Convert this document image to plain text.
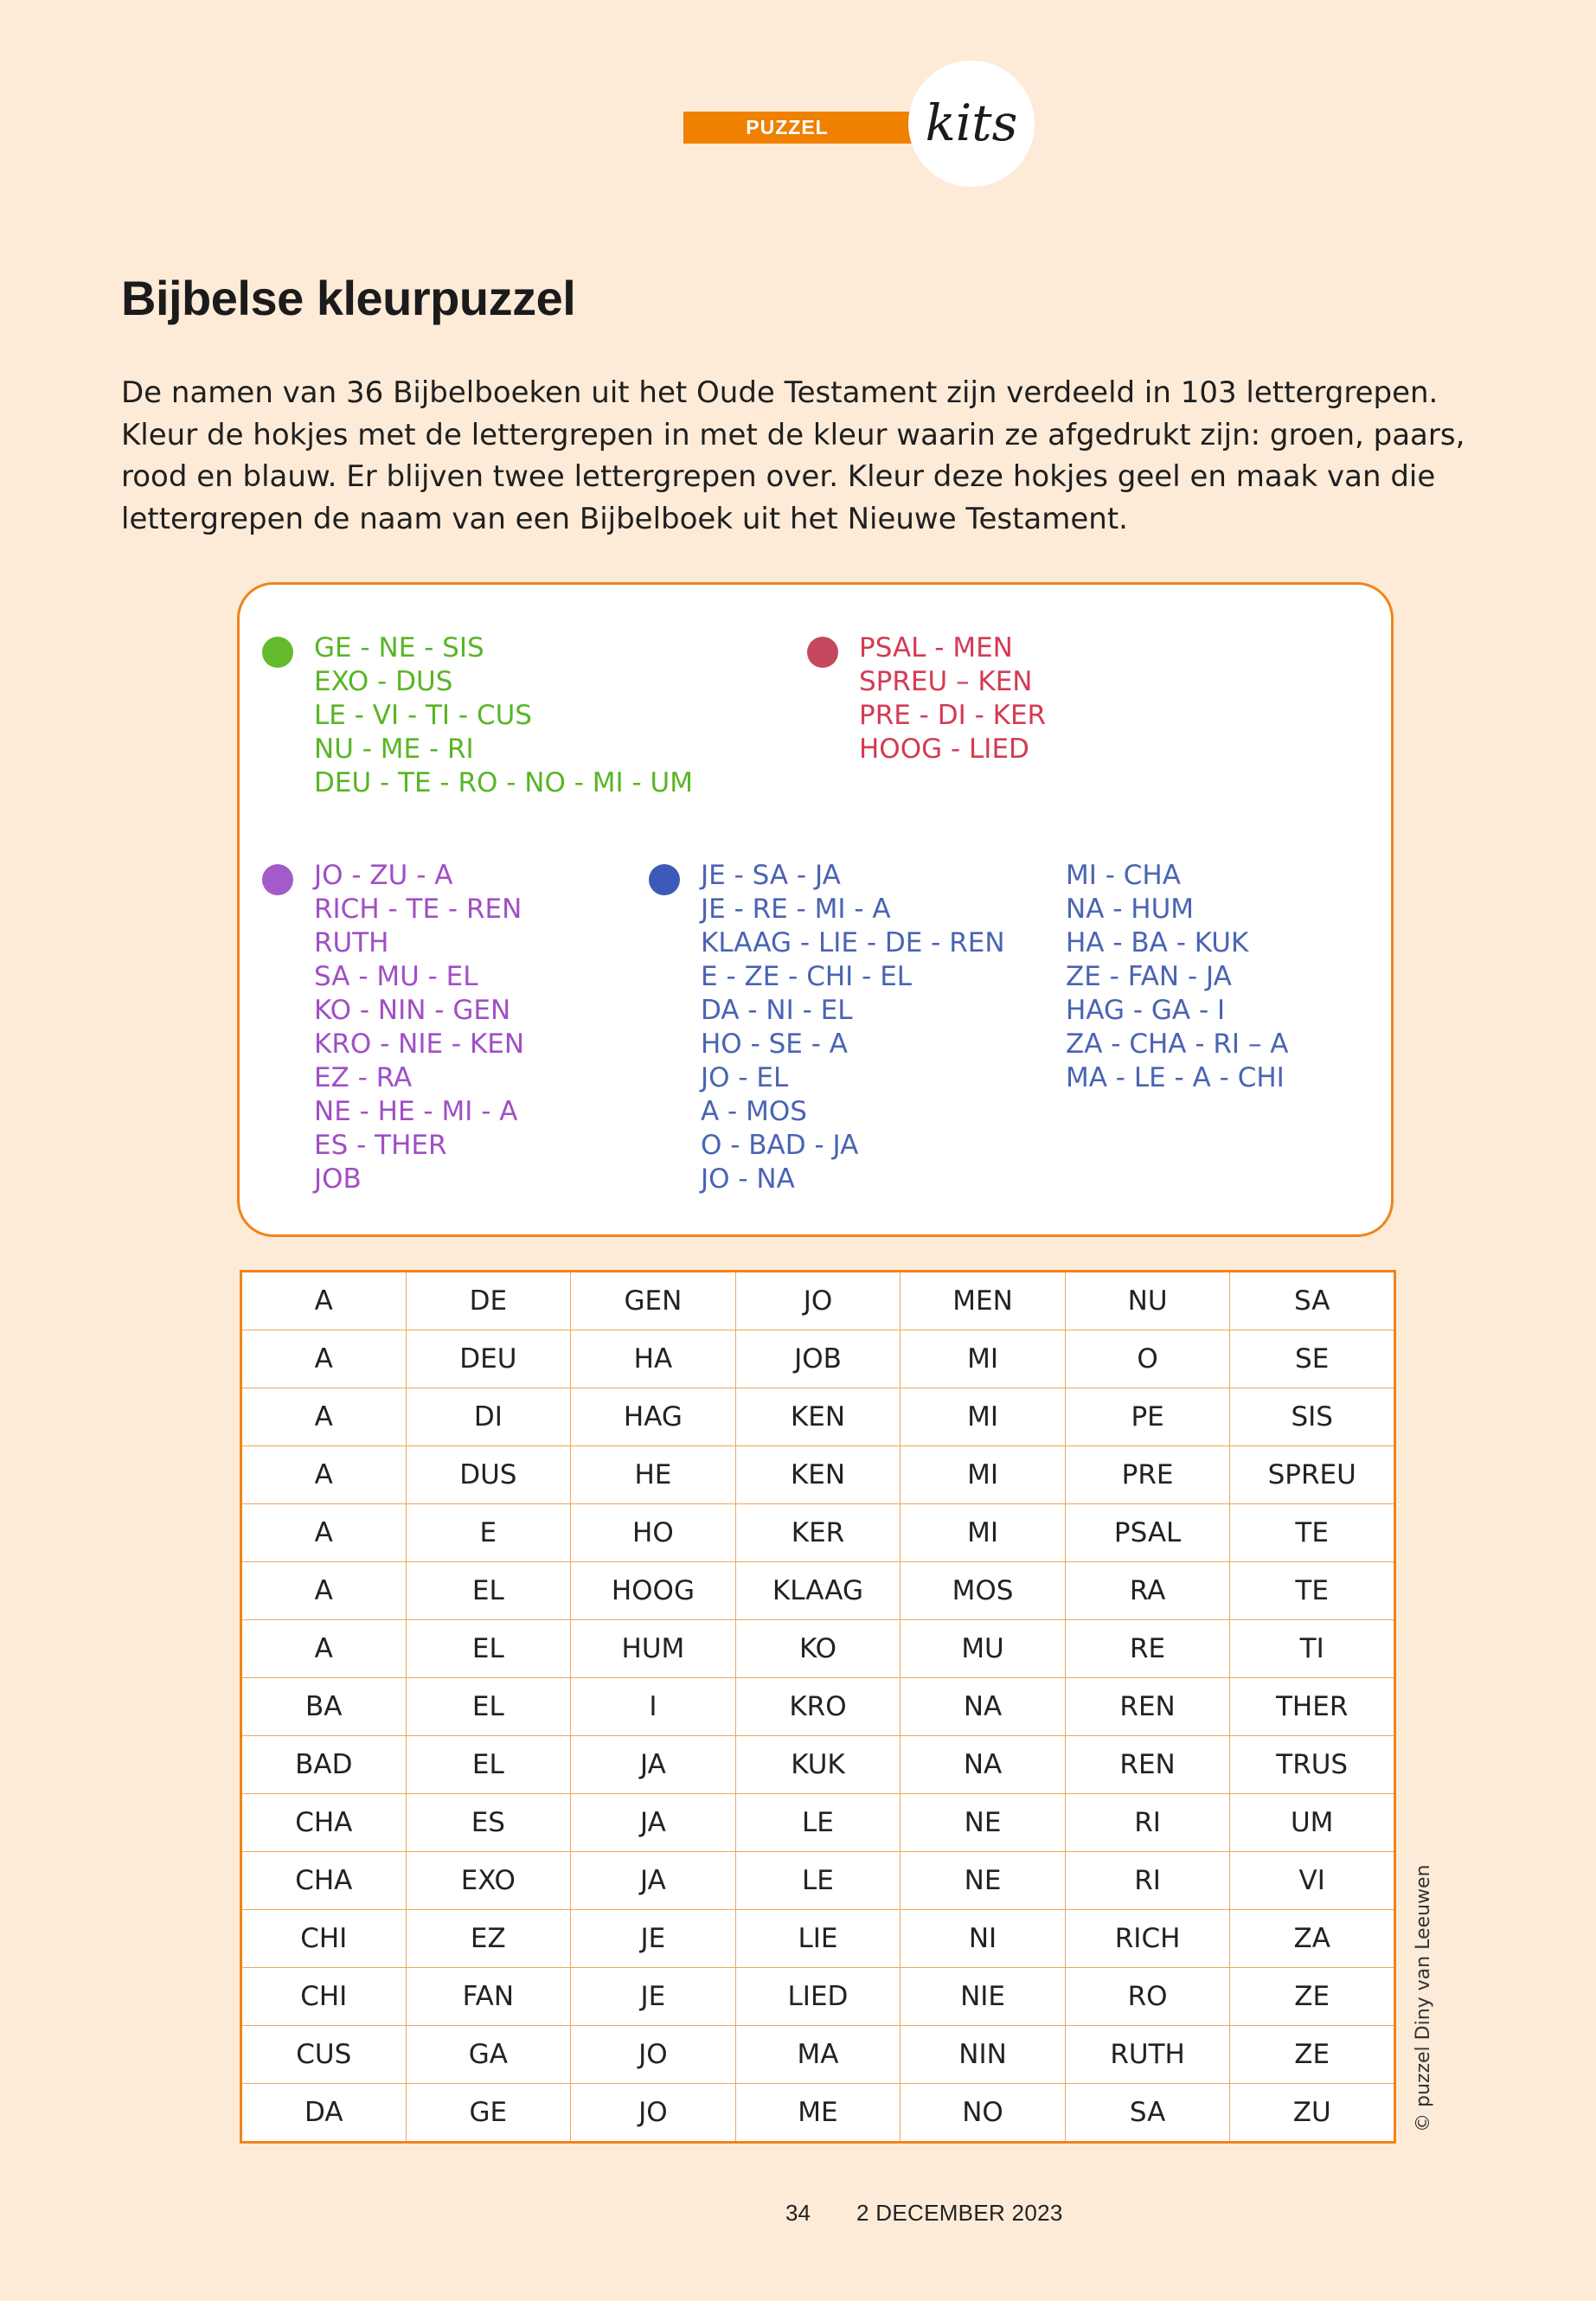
PUZZEL kits
Bijbelse kleurpuzzel

De namen van 36 Bijbelboeken uit het Oude Testament zijn verdeeld in 103 lettergrepen. Kleur de hokjes met de lettergrepen in met de kleur waarin ze afgedrukt zijn: groen, paars, rood en blauw. Er blijven twee lettergrepen over. Kleur deze hokjes geel en maak van die lettergrepen de naam van een Bijbelboek uit het Nieuwe Testament.

GE - NE - SIS
EXO - DUS
LE - VI - TI - CUS
NU - ME - RI
DEU - TE - RO - NO - MI - UM
PSAL - MEN
SPREU – KEN
PRE - DI - KER
HOOG - LIED
JO - ZU - A
RICH - TE - REN
RUTH
SA - MU - EL
KO - NIN - GEN
KRO - NIE - KEN
EZ - RA
NE - HE - MI - A
ES - THER
JOB
JE - SA - JA
JE - RE - MI - A
KLAAG - LIE - DE - REN
E - ZE - CHI - EL
DA - NI - EL
HO - SE - A
JO - EL
A - MOS
O - BAD - JA
JO - NA
MI - CHA
NA - HUM
HA - BA - KUK
ZE - FAN - JA
HAG - GA - I
ZA - CHA - RI – A
MA - LE - A - CHI
A	DE	GEN	JO	MEN	NU	SA
A	DEU	HA	JOB	MI	O	SE
A	DI	HAG	KEN	MI	PE	SIS
A	DUS	HE	KEN	MI	PRE	SPREU
A	E	HO	KER	MI	PSAL	TE
A	EL	HOOG	KLAAG	MOS	RA	TE
A	EL	HUM	KO	MU	RE	TI
BA	EL	I	KRO	NA	REN	THER
BAD	EL	JA	KUK	NA	REN	TRUS
CHA	ES	JA	LE	NE	RI	UM
CHA	EXO	JA	LE	NE	RI	VI
CHI	EZ	JE	LIE	NI	RICH	ZA
CHI	FAN	JE	LIED	NIE	RO	ZE
CUS	GA	JO	MA	NIN	RUTH	ZE
DA	GE	JO	ME	NO	SA	ZU	© puzzel Diny van Leeuwen
34 2 DECEMBER 2023
